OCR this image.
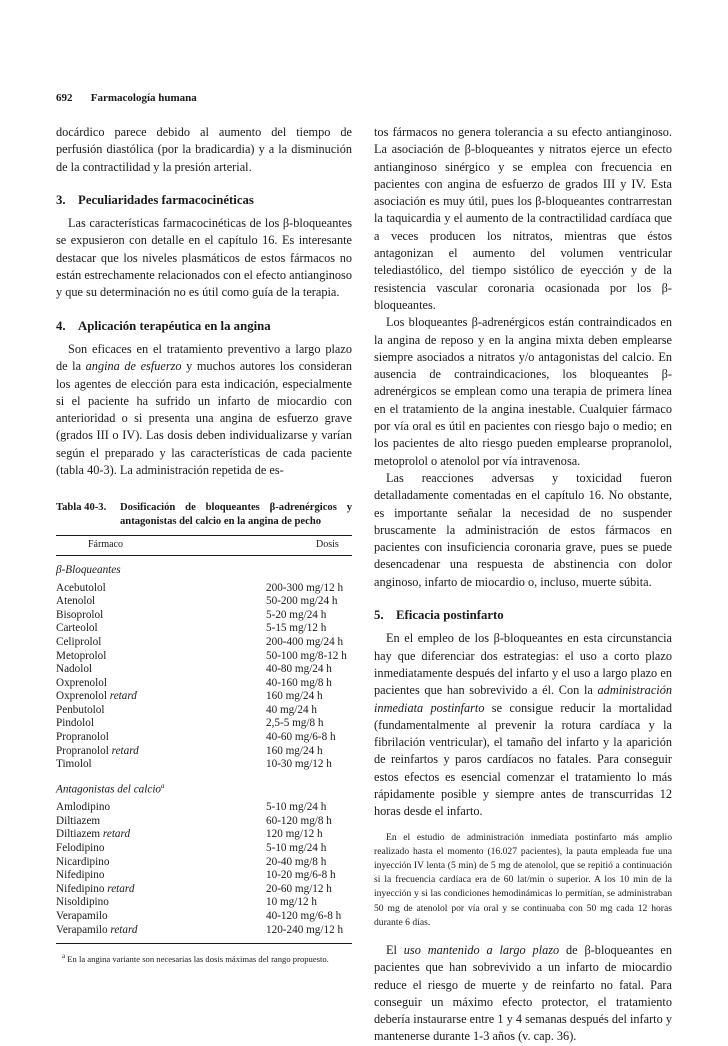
692 Farmacología humana

docárdico parece debido al aumento del tiempo de perfusión diastólica (por la bradicardia) y a la disminución de la contractilidad y la presión arterial.

3. Peculiaridades farmacocinéticas

Las características farmacocinéticas de los β-bloqueantes se expusieron con detalle en el capítulo 16. Es interesante destacar que los niveles plasmáticos de estos fármacos no están estrechamente relacionados con el efecto antianginoso y que su determinación no es útil como guía de la terapia.

4. Aplicación terapéutica en la angina

Son eficaces en el tratamiento preventivo a largo plazo de la angina de esfuerzo y muchos autores los consideran los agentes de elección para esta indicación, especialmente si el paciente ha sufrido un infarto de miocardio con anterioridad o si presenta una angina de esfuerzo grave (grados III o IV). Las dosis deben individualizarse y varían según el preparado y las características de cada paciente (tabla 40-3). La administración repetida de es-

Tabla 40-3. Dosificación de bloqueantes β-adrenérgicos y antagonistas del calcio en la angina de pecho
Fármaco	Dosis
β-Bloqueantes	
Acebutolol	200-300 mg/12 h
Atenolol	50-200 mg/24 h
Bisoprolol	5-20 mg/24 h
Carteolol	5-15 mg/12 h
Celiprolol	200-400 mg/24 h
Metoprolol	50-100 mg/8-12 h
Nadolol	40-80 mg/24 h
Oxprenolol	40-160 mg/8 h
Oxprenolol retard	160 mg/24 h
Penbutolol	40 mg/24 h
Pindolol	2,5-5 mg/8 h
Propranolol	40-60 mg/6-8 h
Propranolol retard	160 mg/24 h
Timolol	10-30 mg/12 h
Antagonistas del calcio$^a$
Amlodipino	5-10 mg/24 h
Diltiazem	60-120 mg/8 h
Diltiazem retard	120 mg/12 h
Felodipino	5-10 mg/24 h
Nicardipino	20-40 mg/8 h
Nifedipino	10-20 mg/6-8 h
Nifedipino retard	20-60 mg/12 h
Nisoldipino	10 mg/12 h
Verapamilo	40-120 mg/6-8 h
Verapamilo retard	120-240 mg/12 h
$^a$ En la angina variante son necesarias las dosis máximas del rango propuesto.

tos fármacos no genera tolerancia a su efecto antianginoso. La asociación de β-bloqueantes y nitratos ejerce un efecto antianginoso sinérgico y se emplea con frecuencia en pacientes con angina de esfuerzo de grados III y IV. Esta asociación es muy útil, pues los β-bloqueantes contrarrestan la taquicardia y el aumento de la contractilidad cardíaca que a veces producen los nitratos, mientras que éstos antagonizan el aumento del volumen ventricular telediastólico, del tiempo sistólico de eyección y de la resistencia vascular coronaria ocasionada por los β-bloqueantes.

Los bloqueantes β-adrenérgicos están contraindicados en la angina de reposo y en la angina mixta deben emplearse siempre asociados a nitratos y/o antagonistas del calcio. En ausencia de contraindicaciones, los bloqueantes β-adrenérgicos se emplean como una terapia de primera línea en el tratamiento de la angina inestable. Cualquier fármaco por vía oral es útil en pacientes con riesgo bajo o medio; en los pacientes de alto riesgo pueden emplearse propranolol, metoprolol o atenolol por vía intravenosa.

Las reacciones adversas y toxicidad fueron detalladamente comentadas en el capítulo 16. No obstante, es importante señalar la necesidad de no suspender bruscamente la administración de estos fármacos en pacientes con insuficiencia coronaria grave, pues se puede desencadenar una respuesta de abstinencia con dolor anginoso, infarto de miocardio o, incluso, muerte súbita.

5. Eficacia postinfarto

En el empleo de los β-bloqueantes en esta circunstancia hay que diferenciar dos estrategias: el uso a corto plazo inmediatamente después del infarto y el uso a largo plazo en pacientes que han sobrevivido a él. Con la administración inmediata postinfarto se consigue reducir la mortalidad (fundamentalmente al prevenir la rotura cardíaca y la fibrilación ventricular), el tamaño del infarto y la aparición de reinfartos y paros cardíacos no fatales. Para conseguir estos efectos es esencial comenzar el tratamiento lo más rápidamente posible y siempre antes de transcurridas 12 horas desde el infarto.

En el estudio de administración inmediata postinfarto más amplio realizado hasta el momento (16.027 pacientes), la pauta empleada fue una inyección IV lenta (5 min) de 5 mg de atenolol, que se repitió a continuación si la frecuencia cardíaca era de 60 lat/min o superior. A los 10 min de la inyección y si las condiciones hemodinámicas lo permitían, se administraban 50 mg de atenolol por vía oral y se continuaba con 50 mg cada 12 horas durante 6 días.

El uso mantenido a largo plazo de β-bloqueantes en pacientes que han sobrevivido a un infarto de miocardio reduce el riesgo de muerte y de reinfarto no fatal. Para conseguir un máximo efecto protector, el tratamiento debería instaurarse entre 1 y 4 semanas después del infarto y mantenerse durante 1-3 años (v. cap. 36).
